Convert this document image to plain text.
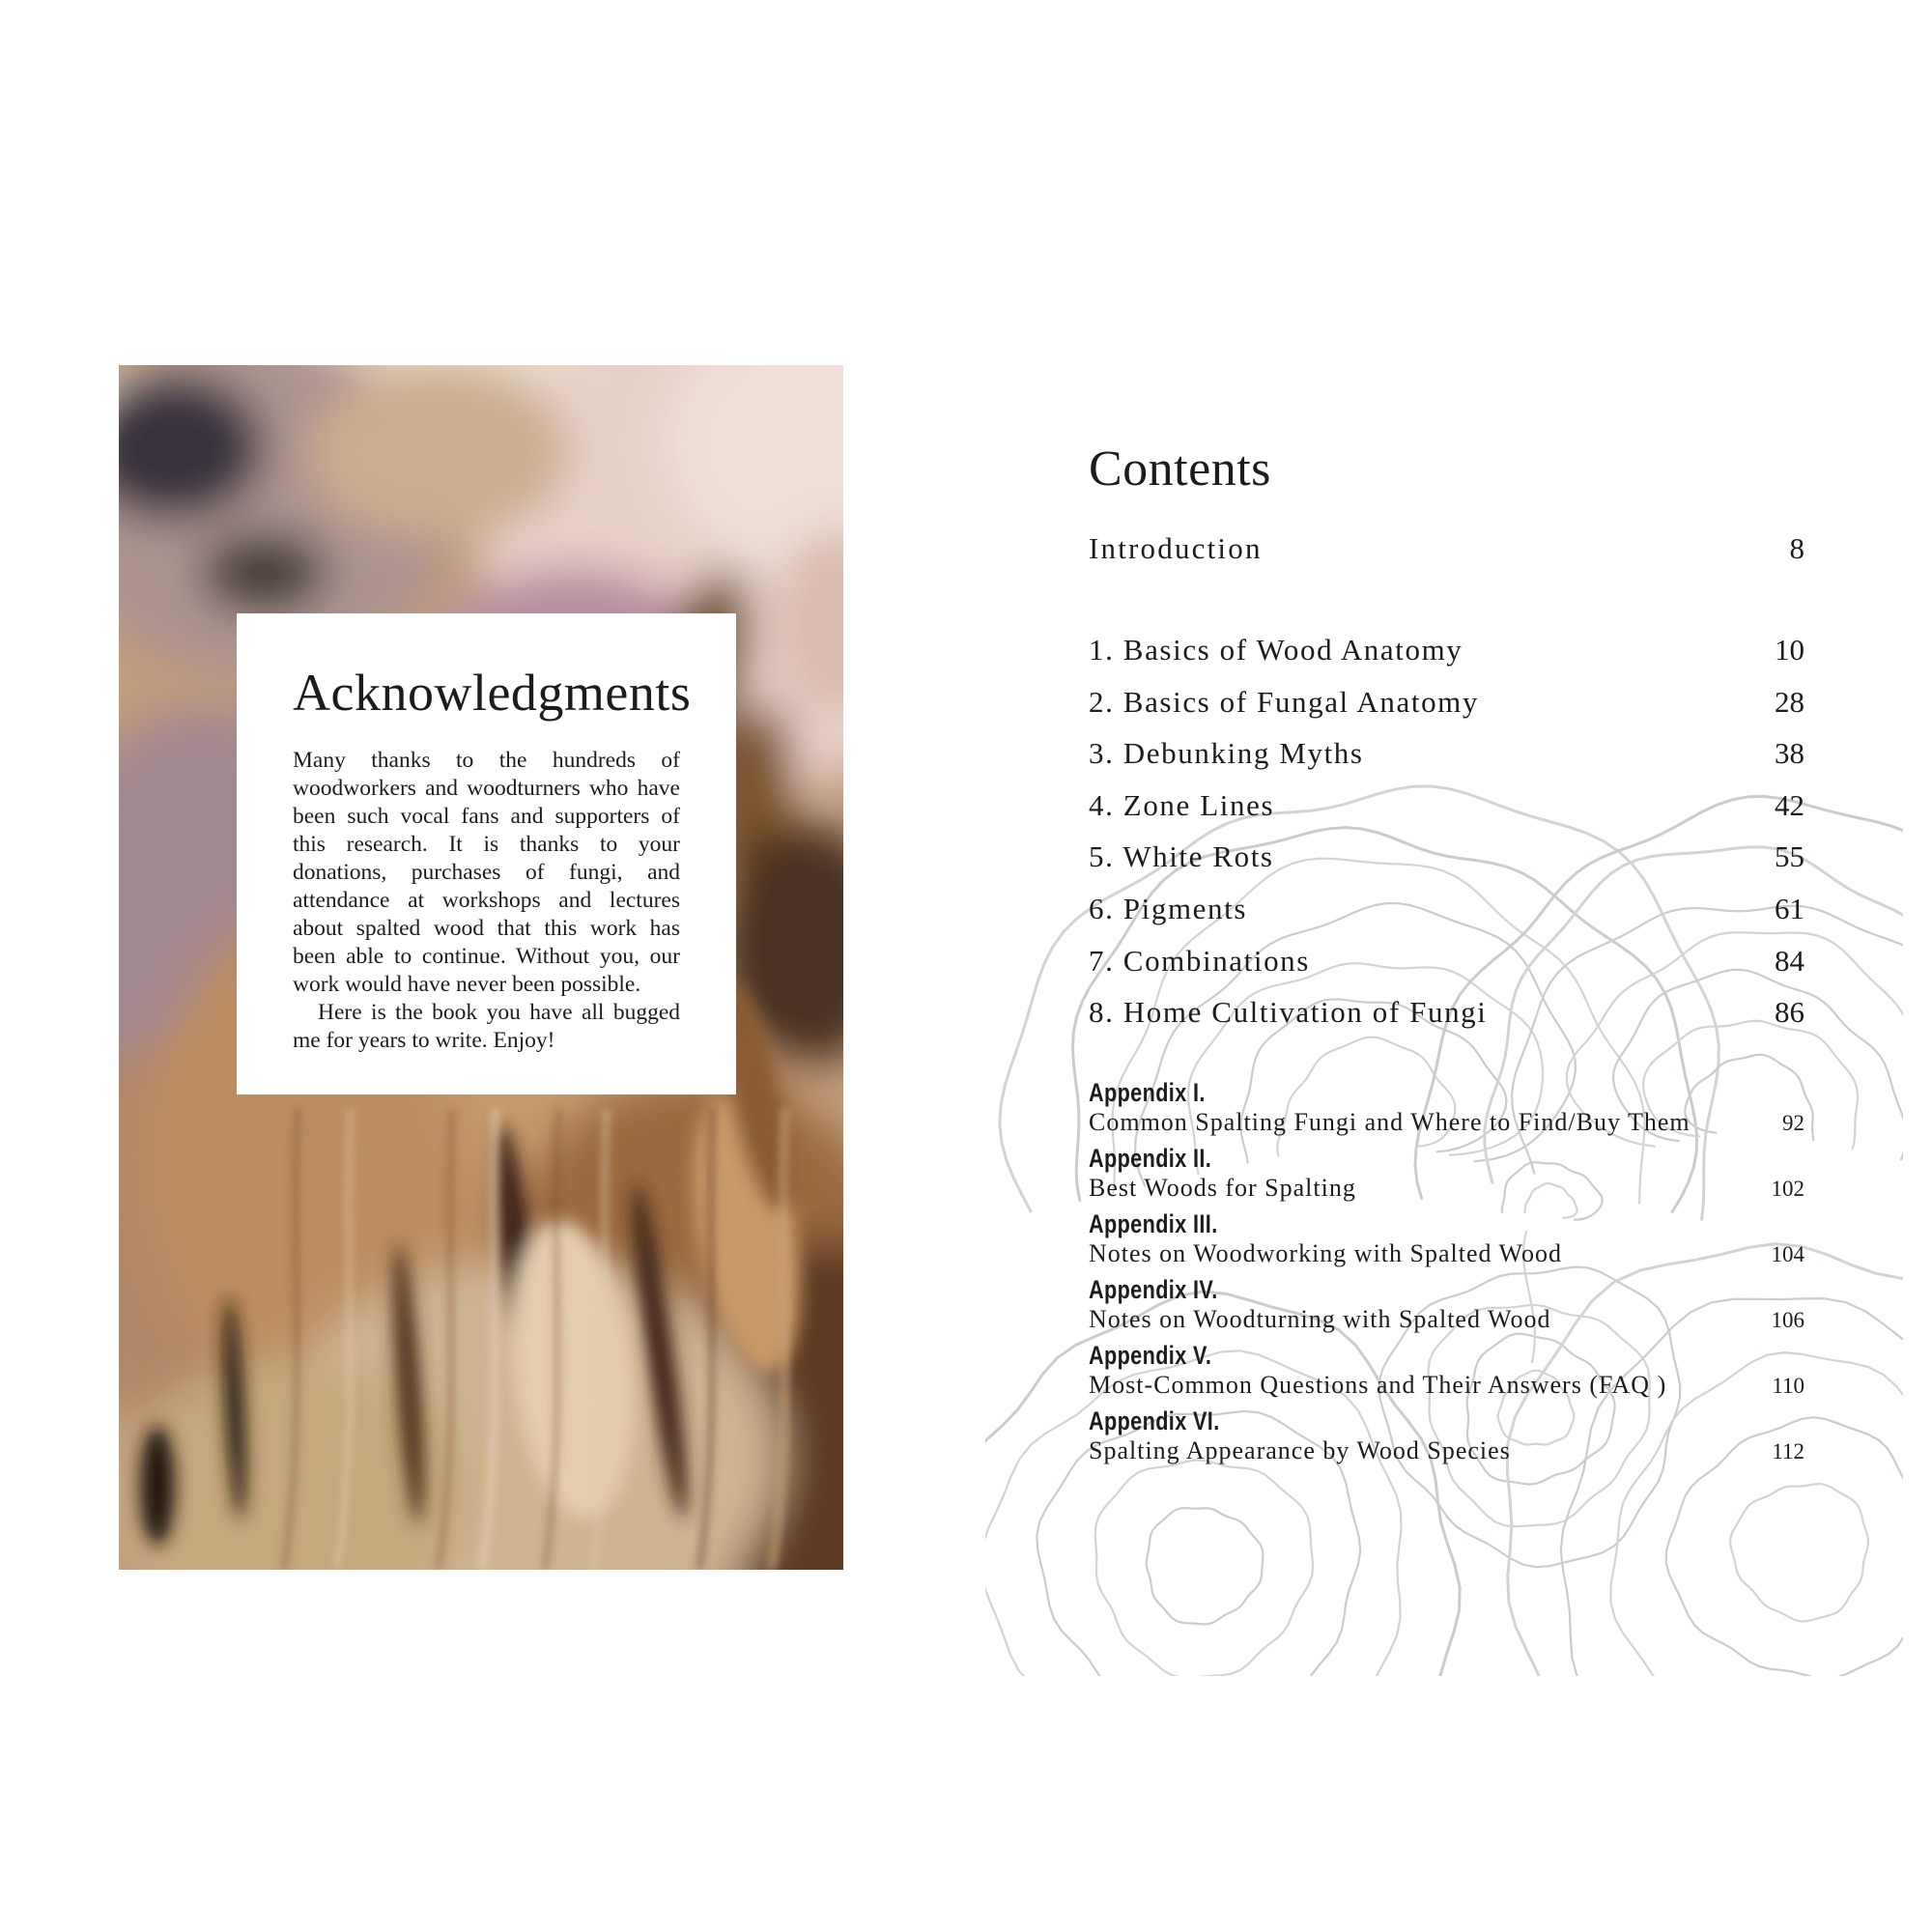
Acknowledgments

Many thanks to the hundreds of woodworkers and woodturners who have been such vocal fans and supporters of this research. It is thanks to your donations, purchases of fungi, and attendance at workshops and lectures about spalted wood that this work has been able to continue. Without you, our work would have never been possible.

Here is the book you have all bugged me for years to write. Enjoy!

Contents
Introduction	8
1. Basics of Wood Anatomy	10
2. Basics of Fungal Anatomy	28
3. Debunking Myths	38
4. Zone Lines	42
5. White Rots	55
6. Pigments	61
7. Combinations	84
8. Home Cultivation of Fungi	86
Appendix I.
Common Spalting Fungi and Where to Find/Buy Them	92
Appendix II.
Best Woods for Spalting	102
Appendix III.
Notes on Woodworking with Spalted Wood	104
Appendix IV.
Notes on Woodturning with Spalted Wood	106
Appendix V.
Most-Common Questions and Their Answers (FAQ )	110
Appendix VI.
Spalting Appearance by Wood Species	112
